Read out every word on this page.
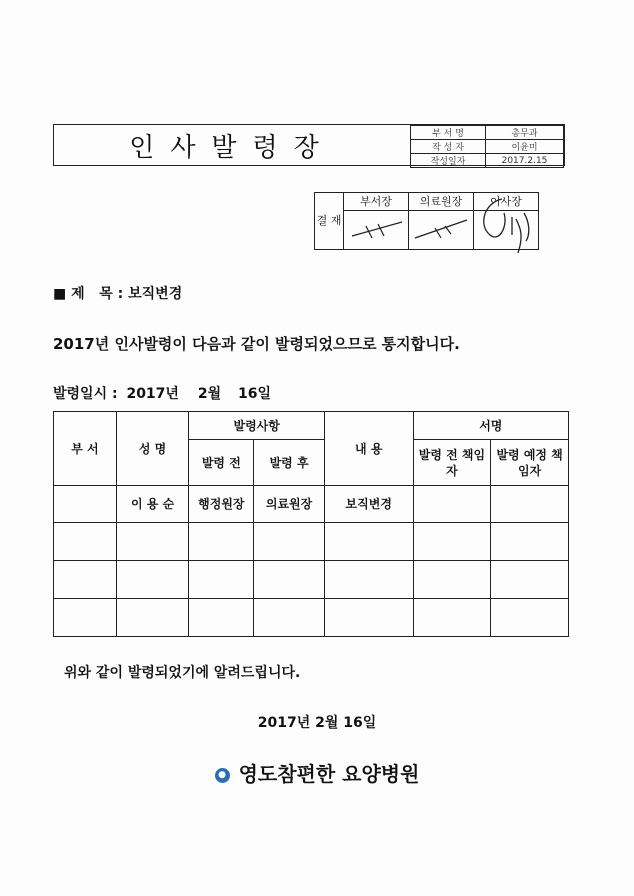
인사발령장	부 서 명	총무과
작 성 자	이윤미
작성일자	2017.2.15
결 재	부서장	의료원장	이사장

■ 제   목 : 보직변경
2017년 인사발령이 다음과 같이 발령되었으므로 통지합니다.
발령일시 : 2017년 2월 16일
부 서	성 명	발령사항		내 용	서명	
		발령 전	발령 후		발령 전 책임자	발령 예정 책임자
	이 용 순	행정원장	의료원장	보직변경		

위와 같이 발령되었기에 알려드립니다.
2017년 2월 16일
● 영도참편한 요양병원
